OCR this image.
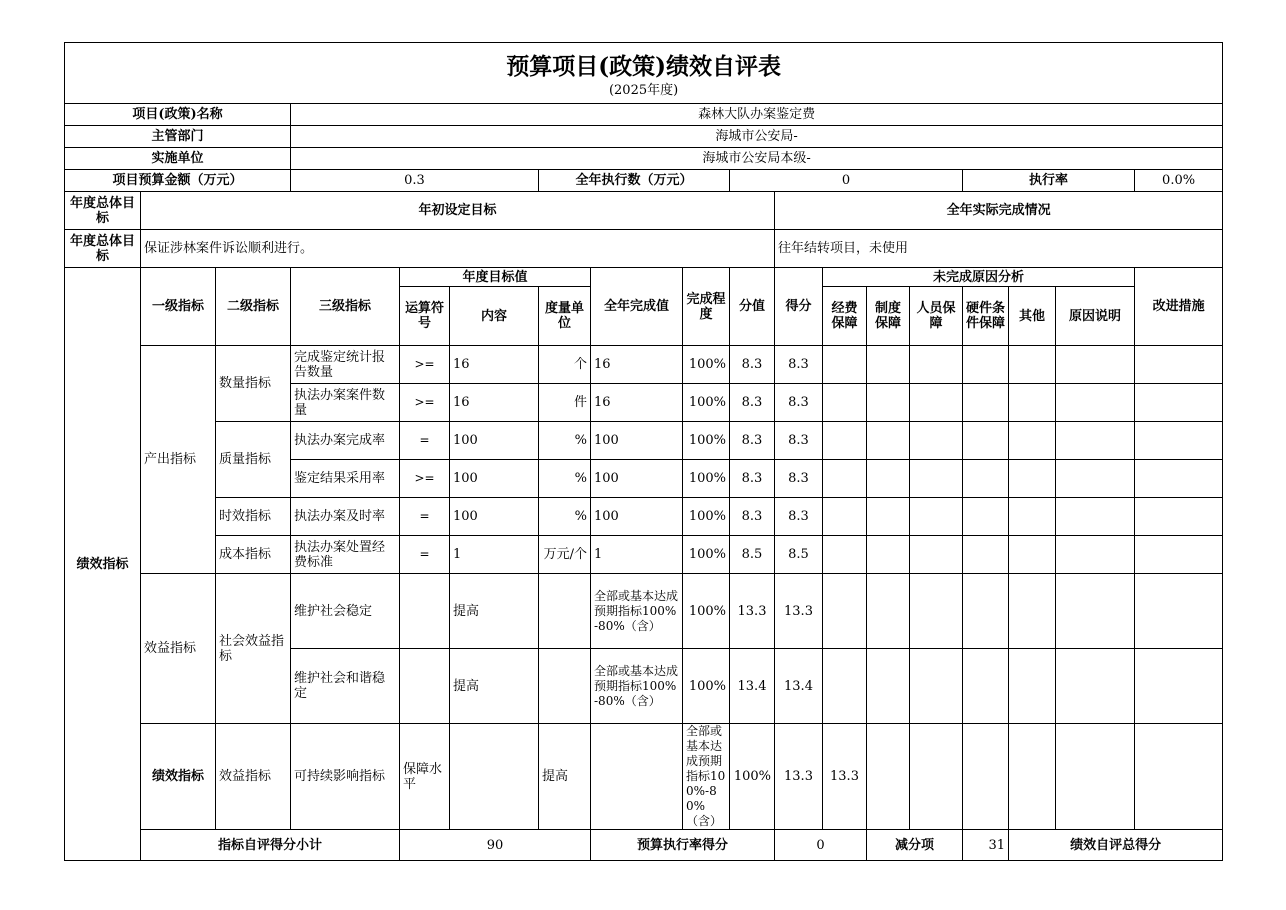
预算项目(政策)绩效自评表
(2025年度)																		

项目(政策)名称			森林大队办案鉴定费															
主管部门			海城市公安局-															
实施单位			海城市公安局本级-															
项目预算金额（万元）			0.3			全年执行数（万元）			0					执行率			0.0%	
年度总体目标	年初设定目标									全年实际完成情况								
年度总体目标	保证涉林案件诉讼顺利进行。									往年结转项目，未使用								
绩效指标	一级指标	二级指标	三级指标	年度目标值			全年完成值	完成程度	分值	得分	未完成原因分析						改进措施	
				运算符号	内容	度量单位					经费保障	制度保障	人员保障	硬件条件保障	其他	原因说明		
	产出指标	数量指标	完成鉴定统计报告数量	>=	16	个	16	100%	8.3	8.3								
			执法办案案件数量	>=	16	件	16	100%	8.3	8.3								
		质量指标	执法办案完成率	=	100	%	100	100%	8.3	8.3								
			鉴定结果采用率	>=	100	%	100	100%	8.3	8.3								
		时效指标	执法办案及时率	=	100	%	100	100%	8.3	8.3								
		成本指标	执法办案处置经费标准	=	1	万元/个	1	100%	8.5	8.5								
	效益指标	社会效益指标	维护社会稳定		提高		全部或基本达成预期指标100%-80%（含）	100%	13.3	13.3								
			维护社会和谐稳定		提高		全部或基本达成预期指标100%-80%（含）	100%	13.4	13.4								
	绩效指标	效益指标	可持续影响指标	保障水平		提高		全部或基本达成预期指标100%-80%（含）	100%	13.3	13.3							
	指标自评得分小计			90			预算执行率得分			0		减分项		31	绩效自评总得分	
